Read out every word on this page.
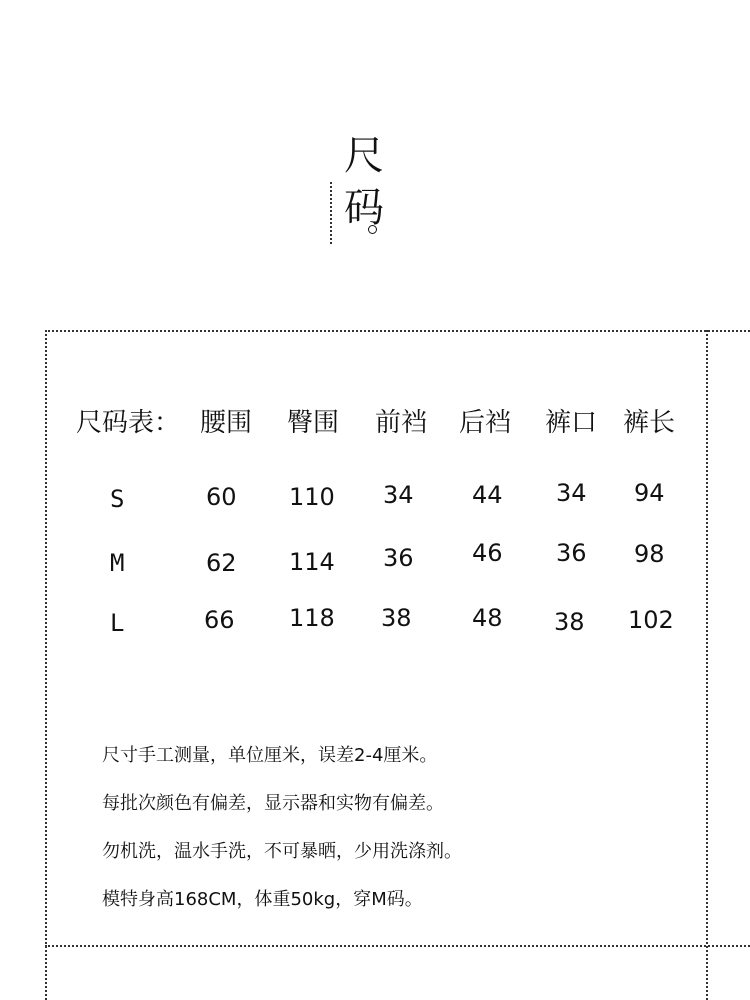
尺
码
尺码表： 腰围 臀围 前裆 后裆 裤口 裤长
S	60 110 34 44 34 94
M	62 114 36 46 36 98
L	66 118 38	48 38 102
尺寸手工测量，单位厘米，误差2-4厘米。
每批次颜色有偏差，显示器和实物有偏差。
勿机洗，温水手洗，不可暴晒，少用洗涤剂。
模特身高168CM，体重50kg，穿M码。
